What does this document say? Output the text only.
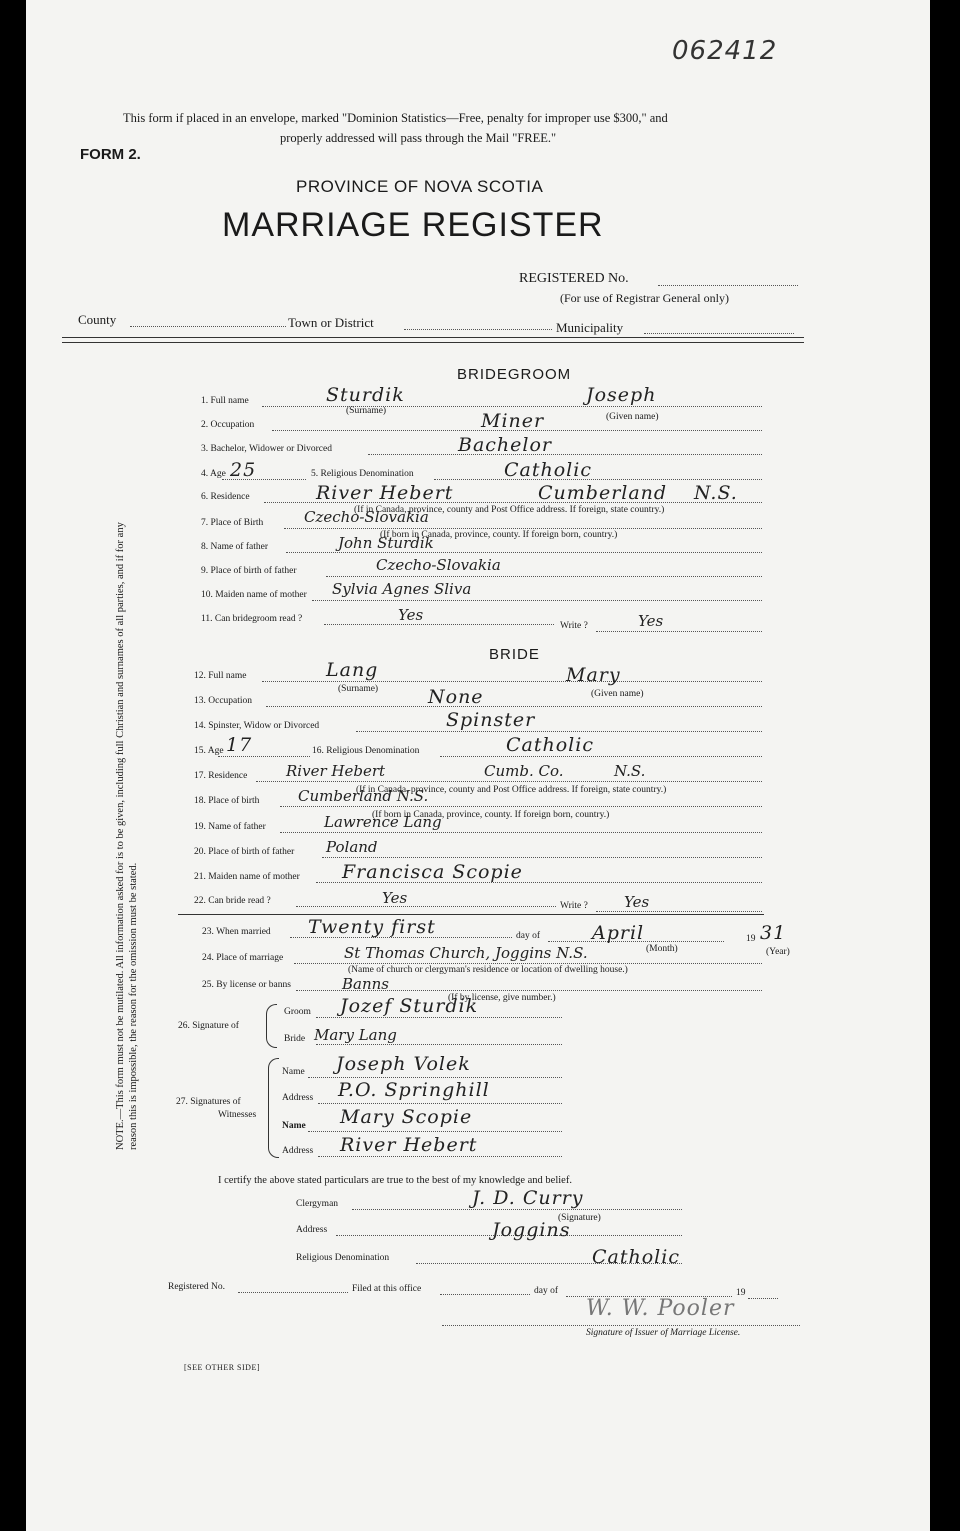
062412
This form if placed in an envelope, marked "Dominion Statistics—Free, penalty for improper use $300," and
properly addressed will pass through the Mail "FREE."
FORM 2.
PROVINCE OF NOVA SCOTIA
MARRIAGE REGISTER
REGISTERED No.
(For use of Registrar General only)
County	Town or District	Municipality
NOTE.—This form must not be mutilated. All information asked for is to be given, including full Christian and surnames of all parties, and if for any reason this is impossible, the reason for the omission must be stated.
BRIDEGROOM
1. Full name	Sturdik	Joseph
(Surname)
(Given name)
2. Occupation	Miner
3. Bachelor, Widower or Divorced	Bachelor
4. Age 25	5. Religious Denomination	Catholic
6. Residence	River Hebert	Cumberland N.S.
(If in Canada, province, county and Post Office address. If foreign, state country.)
7. Place of Birth	Czecho-Slovakia
(If born in Canada, province, county. If foreign born, country.)
8. Name of father	John Sturdik
9. Place of birth of father	Czecho-Slovakia
10. Maiden name of mother Sylvia Agnes Sliva
11. Can bridegroom read ?	Yes
Write ?	Yes
BRIDE
12. Full name	Lang	Mary
(Surname)	(Given name)
13. Occupation	None
14. Spinster, Widow or Divorced	Spinster
15. Age 17	16. Religious Denomination	Catholic
17. Residence	River Hebert	Cumb. Co.	N.S.
(If in Canada, province, county and Post Office address. If foreign, state country.)
18. Place of birth	Cumberland N.S.
(If born in Canada, province, county. If foreign born, country.)
19. Name of father	Lawrence Lang
20. Place of birth of father Poland
21. Maiden name of mother Francisca Scopie
22. Can bride read ?	Yes	Write ? Yes
23. When married Twenty first	day of	April	19 31
(Month)	(Year)
24. Place of marriage	St Thomas Church, Joggins N.S.
(Name of church or clergyman's residence or location of dwelling house.)
25. By license or banns	Banns
(If by license, give number.)
26. Signature of
Groom Jozef Sturdik
Bride Mary Lang
27. Signatures of
Witnesses
Name Joseph Volek
Address P.O. Springhill
Name Mary Scopie
Address River Hebert
I certify the above stated particulars are true to the best of my knowledge and belief.
Clergyman	J. D. Curry
(Signature)
Address	Joggins
Religious Denomination	Catholic
Registered No.	Filed at this office	day of	19
W. W. Pooler
Signature of Issuer of Marriage License.
[SEE OTHER SIDE]
